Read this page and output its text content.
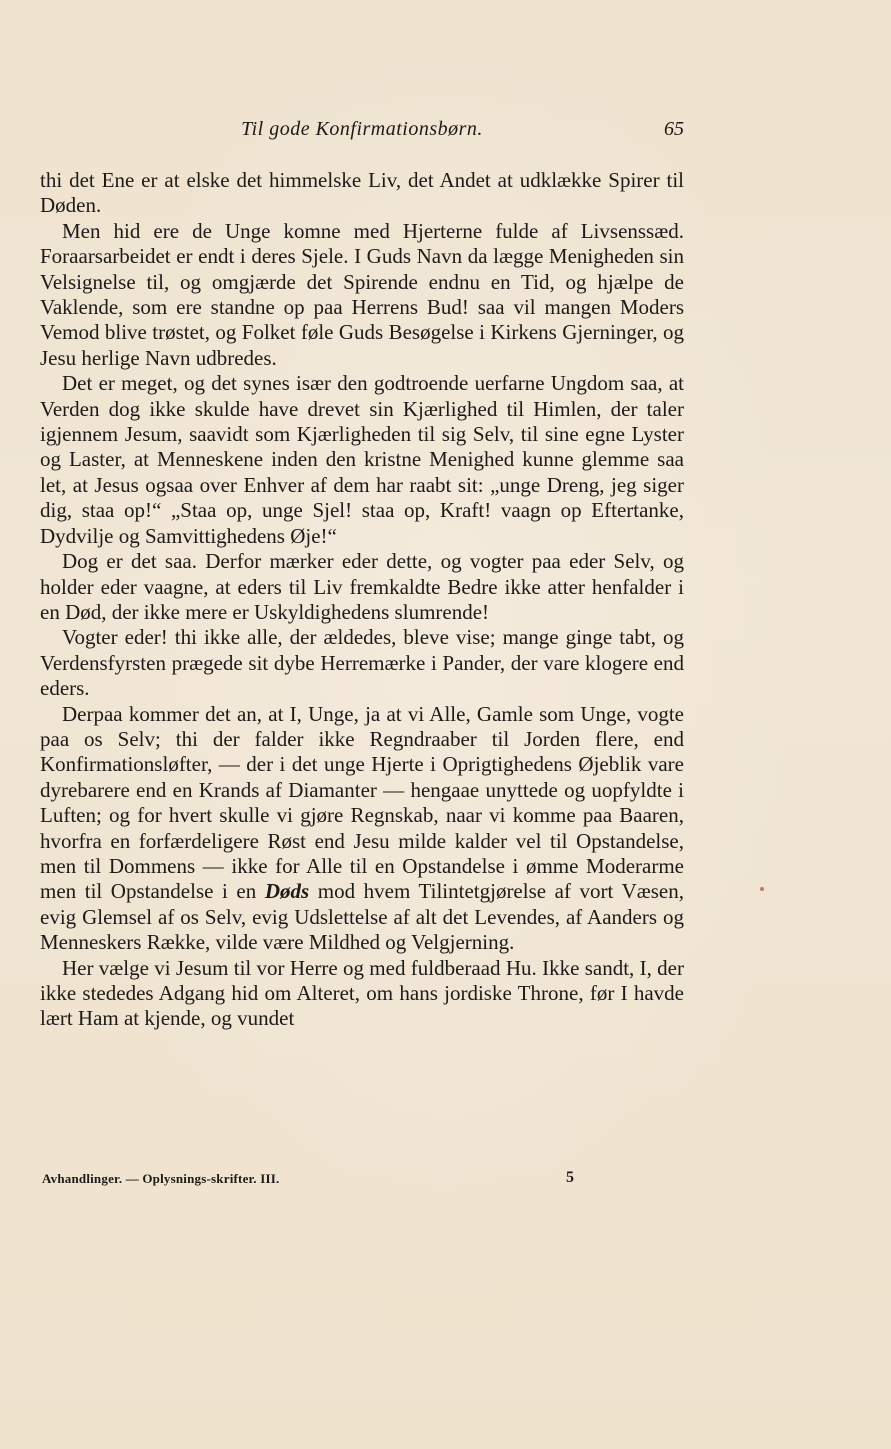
Til gode Konfirmationsbørn.	65

thi det Ene er at elske det himmelske Liv, det Andet at udklække Spirer til Døden.

Men hid ere de Unge komne med Hjerterne fulde af Livsenssæd. Foraarsarbeidet er endt i deres Sjele. I Guds Navn da lægge Menigheden sin Velsignelse til, og omgjærde det Spirende endnu en Tid, og hjælpe de Vaklende, som ere standne op paa Herrens Bud! saa vil mangen Moders Vemod blive trøstet, og Folket føle Guds Besøgelse i Kirkens Gjerninger, og Jesu herlige Navn udbredes.

Det er meget, og det synes især den godtroende uerfarne Ungdom saa, at Verden dog ikke skulde have drevet sin Kjærlighed til Himlen, der taler igjennem Jesum, saavidt som Kjærligheden til sig Selv, til sine egne Lyster og Laster, at Menneskene inden den kristne Menighed kunne glemme saa let, at Jesus ogsaa over Enhver af dem har raabt sit: „unge Dreng, jeg siger dig, staa op!“ „Staa op, unge Sjel! staa op, Kraft! vaagn op Eftertanke, Dydvilje og Samvittighedens Øje!“

Dog er det saa. Derfor mærker eder dette, og vogter paa eder Selv, og holder eder vaagne, at eders til Liv fremkaldte Bedre ikke atter henfalder i en Død, der ikke mere er Uskyldighedens slumrende!

Vogter eder! thi ikke alle, der ældedes, bleve vise; mange ginge tabt, og Verdensfyrsten prægede sit dybe Herremærke i Pander, der vare klogere end eders.

Derpaa kommer det an, at I, Unge, ja at vi Alle, Gamle som Unge, vogte paa os Selv; thi der falder ikke Regndraaber til Jorden flere, end Konfirmationsløfter, — der i det unge Hjerte i Oprigtighedens Øjeblik vare dyrebarere end en Krands af Diamanter — hengaae unyttede og uopfyldte i Luften; og for hvert skulle vi gjøre Regnskab, naar vi komme paa Baaren, hvorfra en forfærdeligere Røst end Jesu milde kalder vel til Opstandelse, men til Dommens — ikke for Alle til en Opstandelse i ømme Moderarme men til Opstandelse i en Døds mod hvem Tilintetgjørelse af vort Væsen, evig Glemsel af os Selv, evig Udslettelse af alt det Levendes, af Aanders og Menneskers Række, vilde være Mildhed og Velgjerning.

Her vælge vi Jesum til vor Herre og med fuldberaad Hu. Ikke sandt, I, der ikke stededes Adgang hid om Alteret, om hans jordiske Throne, før I havde lært Ham at kjende, og vundet

Avhandlinger. — Oplysnings-skrifter. III.	5
